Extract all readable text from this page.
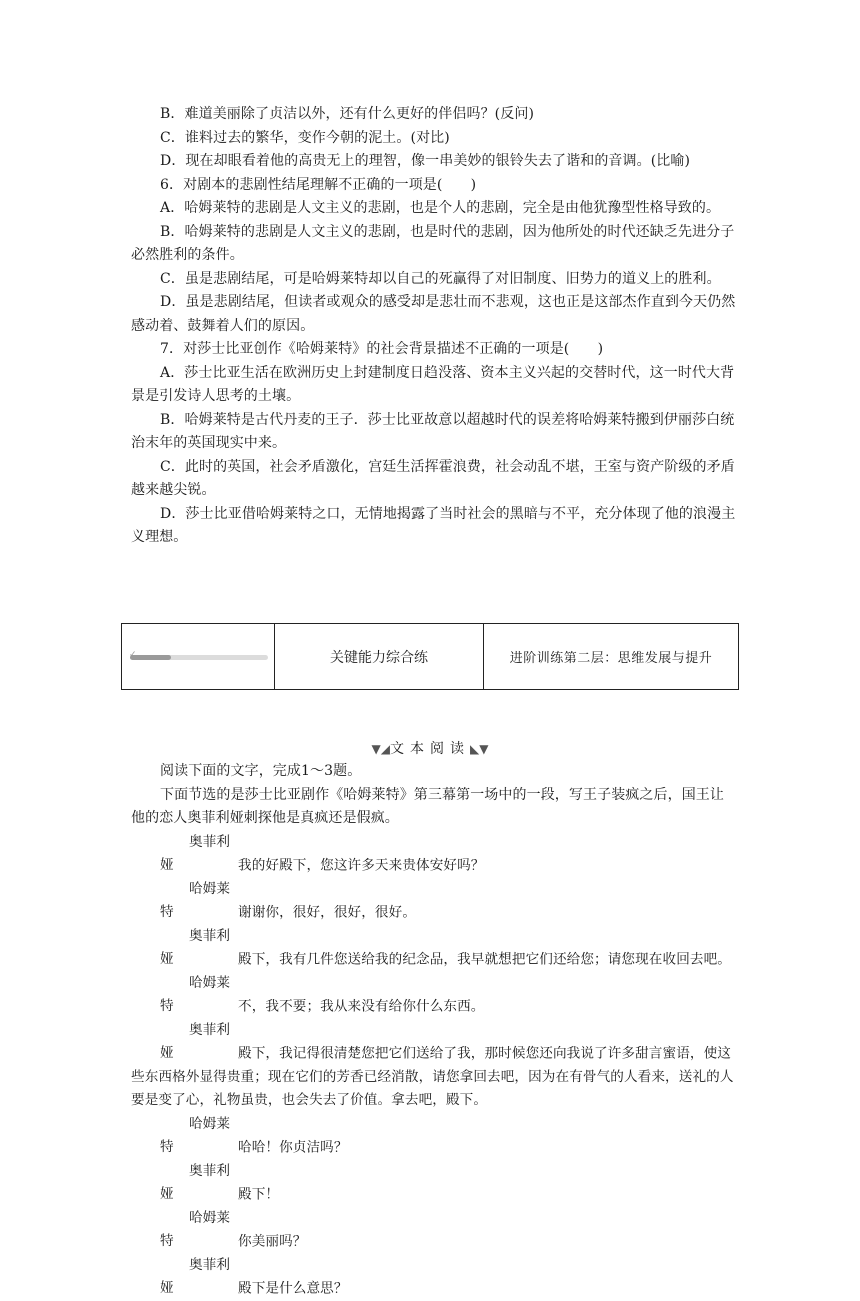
B．难道美丽除了贞洁以外，还有什么更好的伴侣吗？(反问)

C．谁料过去的繁华，变作今朝的泥土。(对比)

D．现在却眼看着他的高贵无上的理智，像一串美妙的银铃失去了谐和的音调。(比喻)

6．对剧本的悲剧性结尾理解不正确的一项是(　　)

A．哈姆莱特的悲剧是人文主义的悲剧，也是个人的悲剧，完全是由他犹豫型性格导致的。

B．哈姆莱特的悲剧是人文主义的悲剧，也是时代的悲剧，因为他所处的时代还缺乏先进分子必然胜利的条件。

C．虽是悲剧结尾，可是哈姆莱特却以自己的死赢得了对旧制度、旧势力的道义上的胜利。

D．虽是悲剧结尾，但读者或观众的感受却是悲壮而不悲观，这也正是这部杰作直到今天仍然感动着、鼓舞着人们的原因。

7．对莎士比亚创作《哈姆莱特》的社会背景描述不正确的一项是(　　)

A．莎士比亚生活在欧洲历史上封建制度日趋没落、资本主义兴起的交替时代，这一时代大背景是引发诗人思考的土壤。

B．哈姆莱特是古代丹麦的王子．莎士比亚故意以超越时代的误差将哈姆莱特搬到伊丽莎白统治末年的英国现实中来。

C．此时的英国，社会矛盾激化，宫廷生活挥霍浪费，社会动乱不堪，王室与资产阶级的矛盾越来越尖锐。

D．莎士比亚借哈姆莱特之口，无情地揭露了当时社会的黑暗与不平，充分体现了他的浪漫主义理想。

✓	关键能力综合练	进阶训练第二层：思维发展与提升
▼◢文本阅读◣▼

阅读下面的文字，完成1～3题。

下面节选的是莎士比亚剧作《哈姆莱特》第三幕第一场中的一段，写王子装疯之后，国王让他的恋人奥菲利娅刺探他是真疯还是假疯。

奥菲利娅	我的好殿下，您这许多天来贵体安好吗？

哈姆莱特	谢谢你，很好，很好，很好。

奥菲利娅	殿下，我有几件您送给我的纪念品，我早就想把它们还给您；请您现在收回去吧。

哈姆莱特	不，我不要；我从来没有给你什么东西。

奥菲利娅	殿下，我记得很清楚您把它们送给了我，那时候您还向我说了许多甜言蜜语，使这些东西格外显得贵重；现在它们的芳香已经消散，请您拿回去吧，因为在有骨气的人看来，送礼的人要是变了心，礼物虽贵，也会失去了价值。拿去吧，殿下。

哈姆莱特	哈哈！你贞洁吗？

奥菲利娅	殿下！

哈姆莱特	你美丽吗？

奥菲利娅	殿下是什么意思？
